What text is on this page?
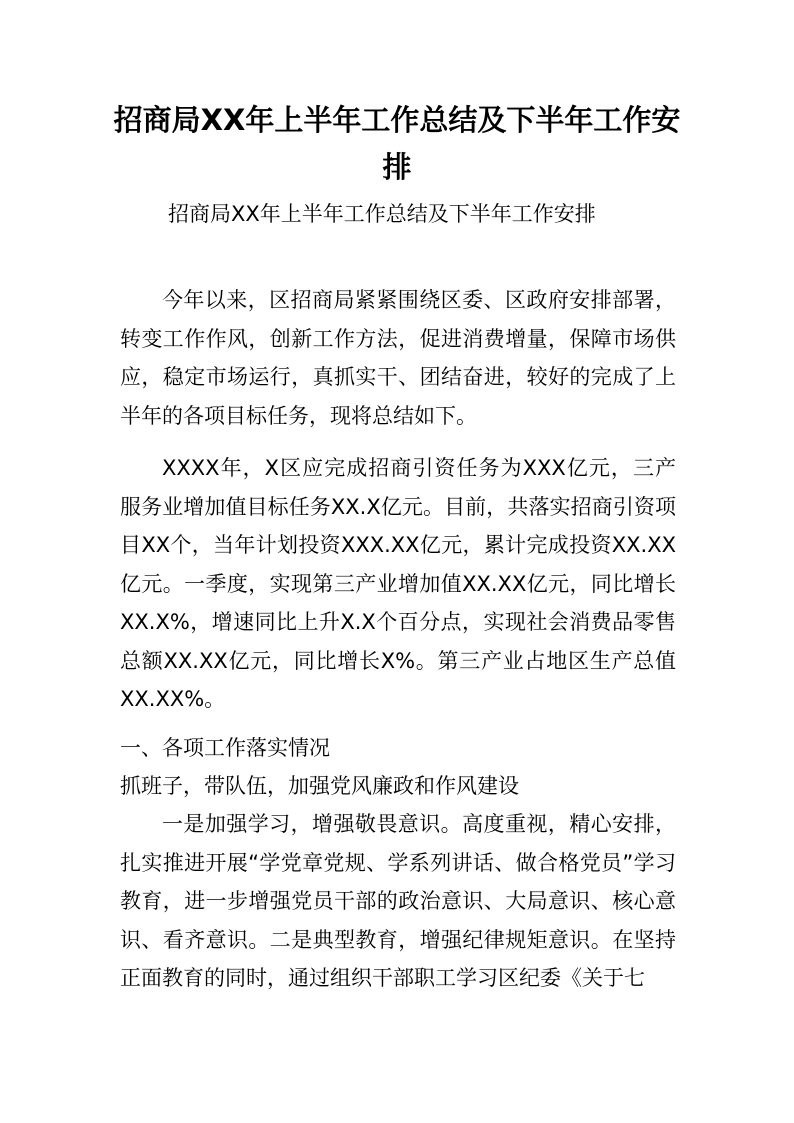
招商局XX年上半年工作总结及下半年工作安排

招商局XX年上半年工作总结及下半年工作安排

今年以来，区招商局紧紧围绕区委、区政府安排部署，转变工作作风，创新工作方法，促进消费增量，保障市场供应，稳定市场运行，真抓实干、团结奋进，较好的完成了上半年的各项目标任务，现将总结如下。

XXXX年，X区应完成招商引资任务为XXX亿元，三产服务业增加值目标任务XX.X亿元。目前，共落实招商引资项目XX个，当年计划投资XXX.XX亿元，累计完成投资XX.XX亿元。一季度，实现第三产业增加值XX.XX亿元，同比增长XX.X%，增速同比上升X.X个百分点，实现社会消费品零售总额XX.XX亿元，同比增长X%。第三产业占地区生产总值XX.XX%。

一、各项工作落实情况

抓班子，带队伍，加强党风廉政和作风建设

一是加强学习，增强敬畏意识。高度重视，精心安排，扎实推进开展“学党章党规、学系列讲话、做合格党员”学习教育，进一步增强党员干部的政治意识、大局意识、核心意识、看齐意识。二是典型教育，增强纪律规矩意识。在坚持正面教育的同时，通过组织干部职工学习区纪委《关于七
